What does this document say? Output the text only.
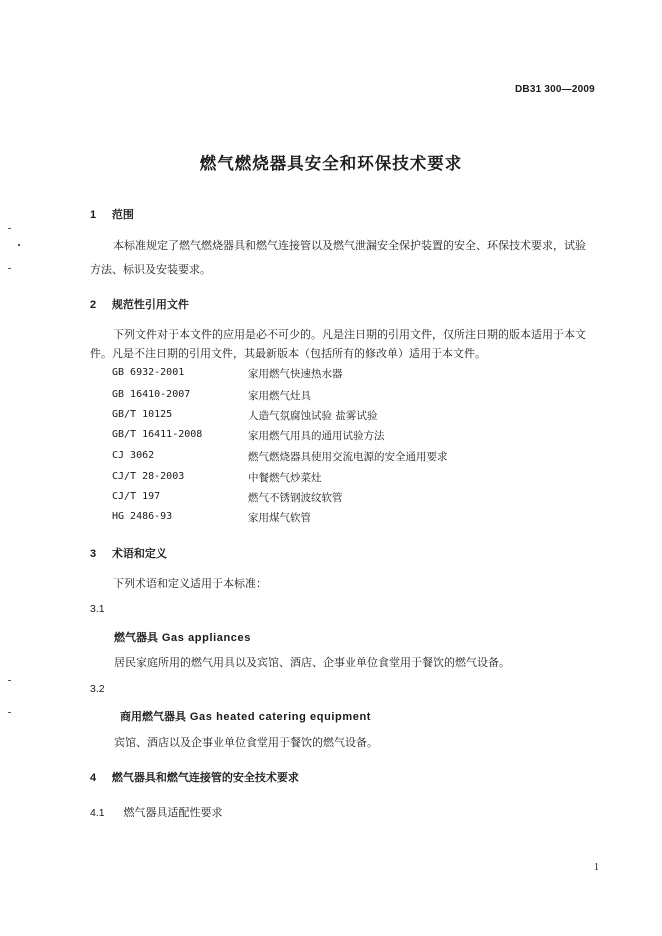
DB31 300—2009
燃气燃烧器具安全和环保技术要求
1 范围
本标准规定了燃气燃烧器具和燃气连接管以及燃气泄漏安全保护装置的安全、环保技术要求，试验
方法、标识及安装要求。
2 规范性引用文件
下列文件对于本文件的应用是必不可少的。凡是注日期的引用文件，仅所注日期的版本适用于本文
件。凡是不注日期的引用文件，其最新版本（包括所有的修改单）适用于本文件。
GB 6932-2001	家用燃气快速热水器
GB 16410-2007	家用燃气灶具
GB/T 10125	人造气氛腐蚀试验 盐雾试验
GB/T 16411-2008	家用燃气用具的通用试验方法
CJ 3062	燃气燃烧器具使用交流电源的安全通用要求
CJ/T 28-2003	中餐燃气炒菜灶
CJ/T 197	燃气不锈钢波纹软管
HG 2486-93	家用煤气软管
3 术语和定义
下列术语和定义适用于本标准：
3.1
燃气器具 Gas appliances
居民家庭所用的燃气用具以及宾馆、酒店、企事业单位食堂用于餐饮的燃气设备。
3.2
商用燃气器具 Gas heated catering equipment
宾馆、酒店以及企事业单位食堂用于餐饮的燃气设备。
4 燃气器具和燃气连接管的安全技术要求
4.1 燃气器具适配性要求
1
